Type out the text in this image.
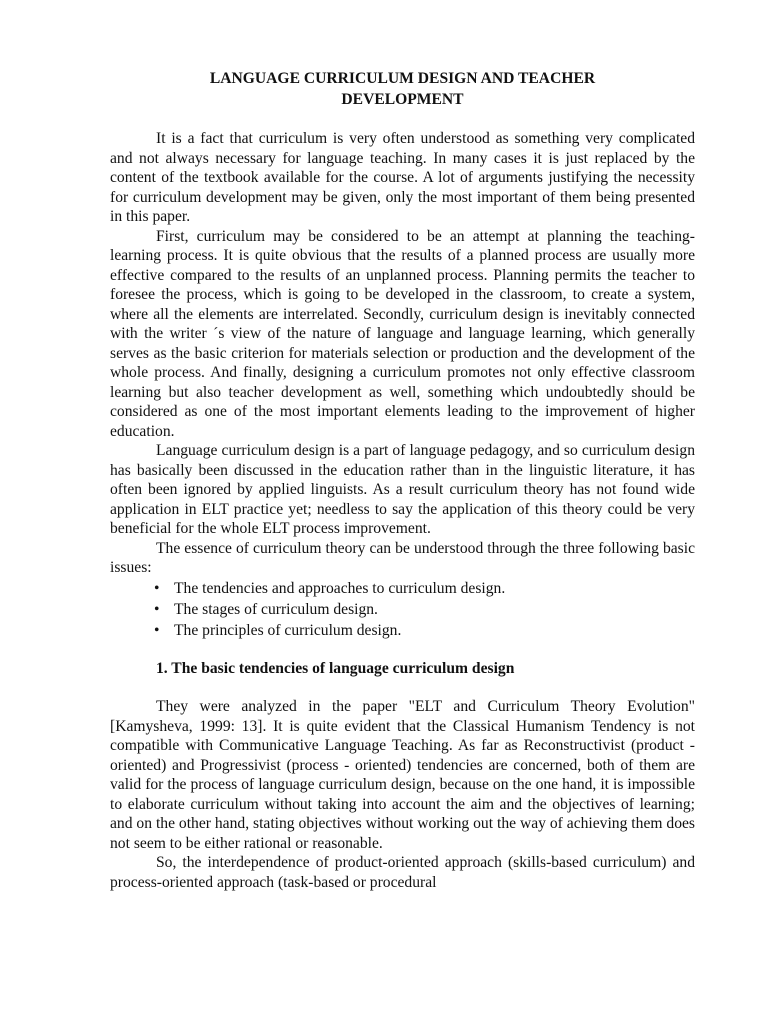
LANGUAGE CURRICULUM DESIGN AND TEACHER
DEVELOPMENT

It is a fact that curriculum is very often understood as something very complicated and not always necessary for language teaching. In many cases it is just replaced by the content of the textbook available for the course. A lot of arguments justifying the necessity for curriculum development may be given, only the most important of them being presented in this paper.

First, curriculum may be considered to be an attempt at planning the teaching-learning process. It is quite obvious that the results of a planned process are usually more effective compared to the results of an unplanned process. Planning permits the teacher to foresee the process, which is going to be developed in the classroom, to create a system, where all the elements are interrelated. Secondly, curriculum design is inevitably connected with the writer ´s view of the nature of language and language learning, which generally serves as the basic criterion for materials selection or production and the development of the whole process. And finally, designing a curriculum promotes not only effective classroom learning but also teacher development as well, something which undoubtedly should be considered as one of the most important elements leading to the improvement of higher education.

Language curriculum design is a part of language pedagogy, and so curriculum design has basically been discussed in the education rather than in the linguistic literature, it has often been ignored by applied linguists. As a result curriculum theory has not found wide application in ELT practice yet; needless to say the application of this theory could be very beneficial for the whole ELT process improvement.

The essence of curriculum theory can be understood through the three following basic issues:

• The tendencies and approaches to curriculum design.
• The stages of curriculum design.
• The principles of curriculum design.
1. The basic tendencies of language curriculum design

They were analyzed in the paper "ELT and Curriculum Theory Evolution"[Kamysheva, 1999: 13]. It is quite evident that the Classical Humanism Tendency is not compatible with Communicative Language Teaching. As far as Reconstructivist (product - oriented) and Progressivist (process - oriented) tendencies are concerned, both of them are valid for the process of language curriculum design, because on the one hand, it is impossible to elaborate curriculum without taking into account the aim and the objectives of learning; and on the other hand, stating objectives without working out the way of achieving them does not seem to be either rational or reasonable.

So, the interdependence of product-oriented approach (skills-based curriculum) and process-oriented approach (task-based or procedural
